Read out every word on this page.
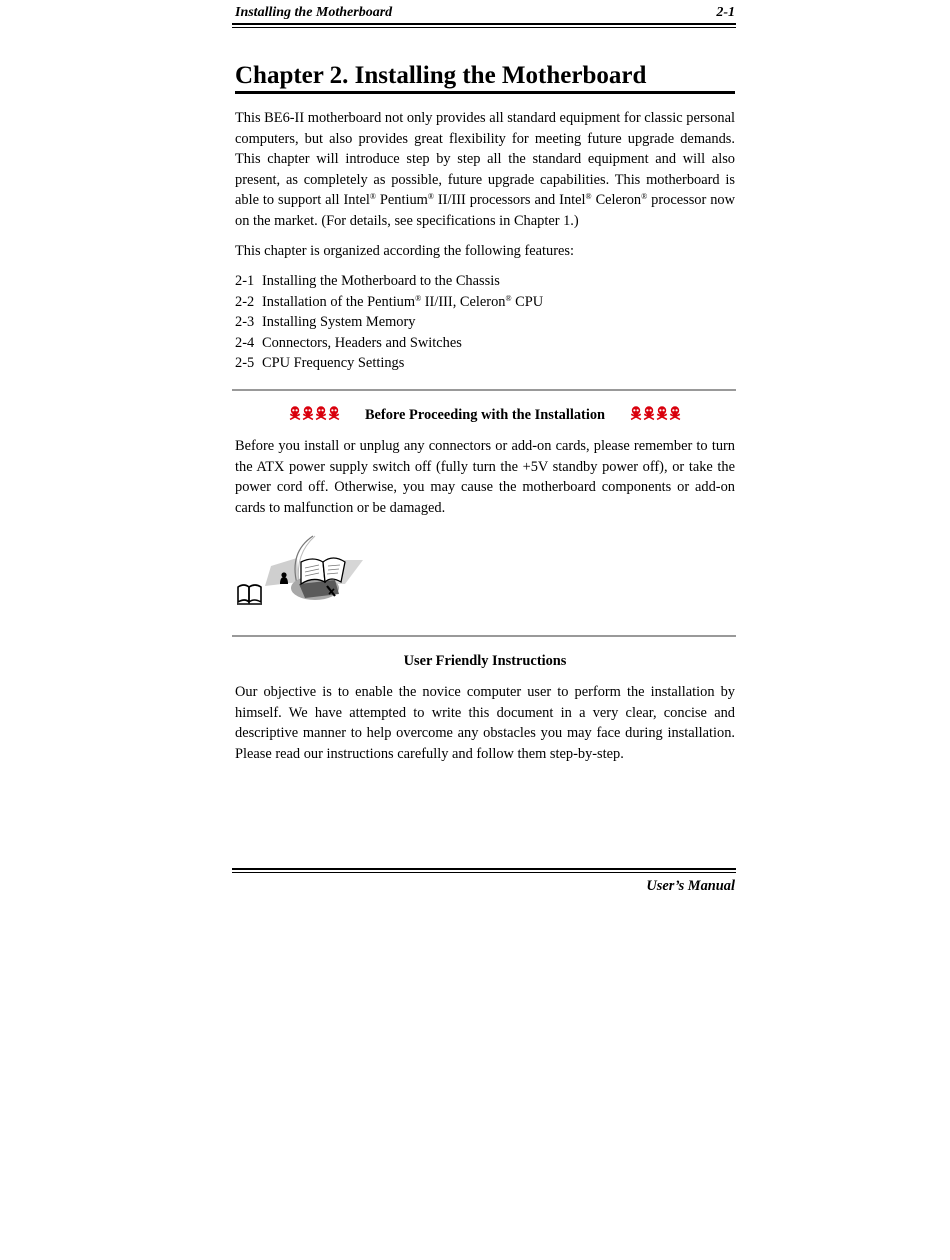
Installing the Motherboard	2-1
Chapter 2. Installing the Motherboard

This BE6-II motherboard not only provides all standard equipment for classic personal computers, but also provides great flexibility for meeting future upgrade demands. This chapter will introduce step by step all the standard equipment and will also present, as completely as possible, future upgrade capabilities. This motherboard is able to support all Intel® Pentium® II/III processors and Intel® Celeron® processor now on the market. (For details, see specifications in Chapter 1.)

This chapter is organized according the following features:

2-1 Installing the Motherboard to the Chassis
2-2 Installation of the Pentium® II/III, Celeron® CPU
2-3 Installing System Memory
2-4 Connectors, Headers and Switches
2-5 CPU Frequency Settings
Before Proceeding with the Installation

Before you install or unplug any connectors or add-on cards, please remember to turn the ATX power supply switch off (fully turn the +5V standby power off), or take the power cord off. Otherwise, you may cause the motherboard components or add-on cards to malfunction or be damaged.

User Friendly Instructions

Our objective is to enable the novice computer user to perform the installation by himself. We have attempted to write this document in a very clear, concise and descriptive manner to help overcome any obstacles you may face during installation. Please read our instructions carefully and follow them step-by-step.

User’s Manual
